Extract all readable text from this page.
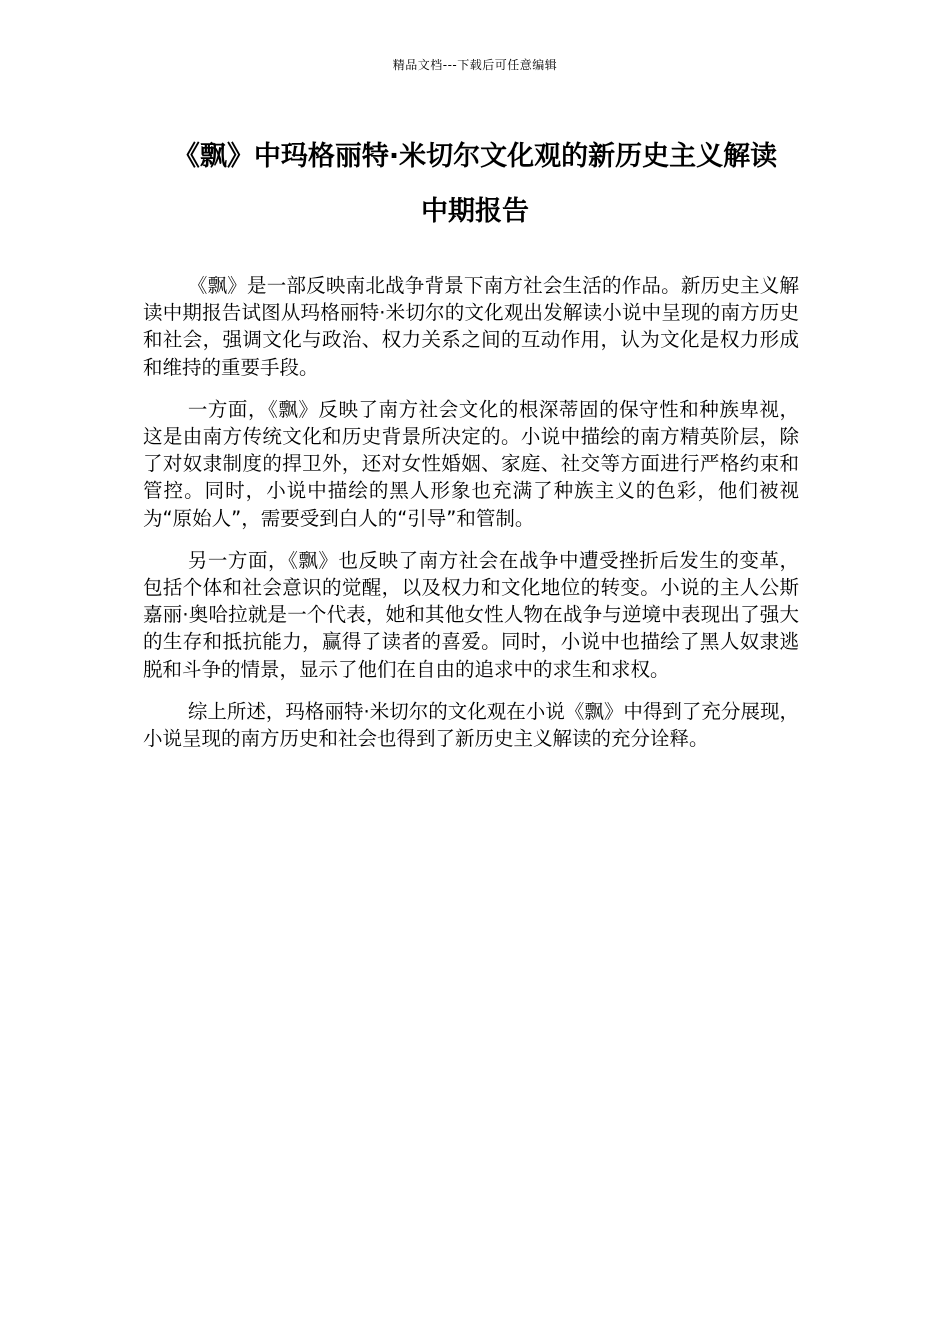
精品文档---下载后可任意编辑
《飘》中玛格丽特·米切尔文化观的新历史主义解读
中期报告

《飘》是一部反映南北战争背景下南方社会生活的作品。新历史主义解读中期报告试图从玛格丽特·米切尔的文化观出发解读小说中呈现的南方历史和社会，强调文化与政治、权力关系之间的互动作用，认为文化是权力形成和维持的重要手段。

一方面，《飘》反映了南方社会文化的根深蒂固的保守性和种族卑视，这是由南方传统文化和历史背景所决定的。小说中描绘的南方精英阶层，除了对奴隶制度的捍卫外，还对女性婚姻、家庭、社交等方面进行严格约束和管控。同时，小说中描绘的黑人形象也充满了种族主义的色彩，他们被视为“原始人”，需要受到白人的“引导”和管制。

另一方面，《飘》也反映了南方社会在战争中遭受挫折后发生的变革，包括个体和社会意识的觉醒，以及权力和文化地位的转变。小说的主人公斯嘉丽·奥哈拉就是一个代表，她和其他女性人物在战争与逆境中表现出了强大的生存和抵抗能力，赢得了读者的喜爱。同时，小说中也描绘了黑人奴隶逃脱和斗争的情景，显示了他们在自由的追求中的求生和求权。

综上所述，玛格丽特·米切尔的文化观在小说《飘》中得到了充分展现，小说呈现的南方历史和社会也得到了新历史主义解读的充分诠释。
